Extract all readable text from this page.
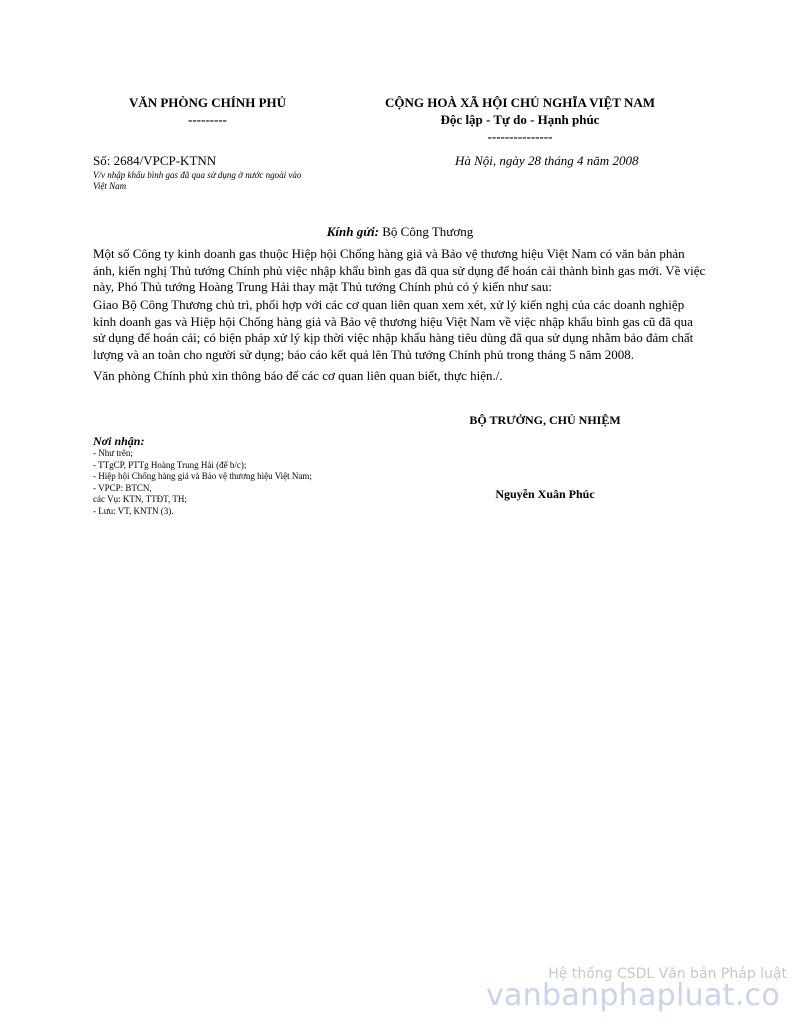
VĂN PHÒNG CHÍNH PHỦ
---------
CỘNG HOÀ XÃ HỘI CHỦ NGHĨA VIỆT NAM
Độc lập - Tự do - Hạnh phúc
---------------
Số: 2684/VPCP-KTNN
V/v nhập khẩu bình gas đã qua sử dụng ở nước ngoài vào Việt Nam
Hà Nội, ngày 28 tháng 4 năm 2008
Kính gửi: Bộ Công Thương
Một số Công ty kinh doanh gas thuộc Hiệp hội Chống hàng giả và Bảo vệ thương hiệu Việt Nam có văn bản phản ánh, kiến nghị Thủ tướng Chính phủ việc nhập khẩu bình gas đã qua sử dụng để hoán cải thành bình gas mới. Về việc này, Phó Thủ tướng Hoàng Trung Hải thay mặt Thủ tướng Chính phủ có ý kiến như sau:
Giao Bộ Công Thương chủ trì, phối hợp với các cơ quan liên quan xem xét, xử lý kiến nghị của các doanh nghiệp kinh doanh gas và Hiệp hội Chống hàng giả và Bảo vệ thương hiệu Việt Nam về việc nhập khẩu bình gas cũ đã qua sử dụng để hoán cải; có biện pháp xử lý kịp thời việc nhập khẩu hàng tiêu dùng đã qua sử dụng nhằm bảo đảm chất lượng và an toàn cho người sử dụng; báo cáo kết quả lên Thủ tướng Chính phủ trong tháng 5 năm 2008.
Văn phòng Chính phủ xin thông báo để các cơ quan liên quan biết, thực hiện./.
BỘ TRƯỞNG, CHỦ NHIỆM
Nguyễn Xuân Phúc
Nơi nhận:
- Như trên;
- TTgCP, PTTg Hoàng Trung Hải (để b/c);
- Hiệp hội Chống hàng giả và Bảo vệ thương hiệu Việt Nam;
- VPCP: BTCN,
các Vụ: KTN, TTĐT, TH;
- Lưu: VT, KNTN (3).
Hệ thống CSDL Văn bản Pháp luật
vanbanphapluat.co
